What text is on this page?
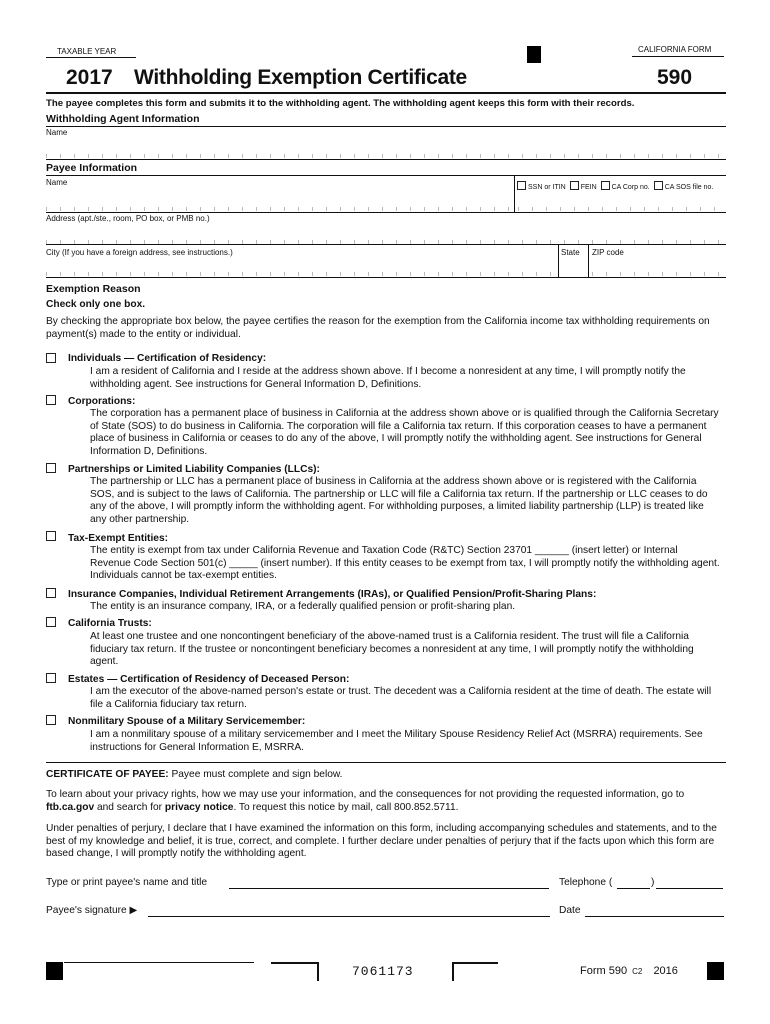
TAXABLE YEAR	CALIFORNIA FORM
2017 Withholding Exemption Certificate	590
The payee completes this form and submits it to the withholding agent. The withholding agent keeps this form with their records.
Withholding Agent Information
Name
Payee Information
Name
SSN or ITIN FEIN CA Corp no. CA SOS file no.
Address (apt./ste., room, PO box, or PMB no.)
City (If you have a foreign address, see instructions.)	State ZIP code
Exemption Reason
Check only one box.
By checking the appropriate box below, the payee certifies the reason for the exemption from the California income tax withholding requirements on payment(s) made to the entity or individual.
Individuals — Certification of Residency:
I am a resident of California and I reside at the address shown above. If I become a nonresident at any time, I will promptly notify the withholding agent. See instructions for General Information D, Definitions.
Corporations:
The corporation has a permanent place of business in California at the address shown above or is qualified through the California Secretary of State (SOS) to do business in California. The corporation will file a California tax return. If this corporation ceases to have a permanent place of business in California or ceases to do any of the above, I will promptly notify the withholding agent. See instructions for General Information D, Definitions.
Partnerships or Limited Liability Companies (LLCs):
The partnership or LLC has a permanent place of business in California at the address shown above or is registered with the California SOS, and is subject to the laws of California. The partnership or LLC will file a California tax return. If the partnership or LLC ceases to do any of the above, I will promptly inform the withholding agent. For withholding purposes, a limited liability partnership (LLP) is treated like any other partnership.
Tax-Exempt Entities:
The entity is exempt from tax under California Revenue and Taxation Code (R&TC) Section 23701 ______ (insert letter) or Internal Revenue Code Section 501(c) _____ (insert number). If this entity ceases to be exempt from tax, I will promptly notify the withholding agent. Individuals cannot be tax-exempt entities.
Insurance Companies, Individual Retirement Arrangements (IRAs), or Qualified Pension/Profit-Sharing Plans:
The entity is an insurance company, IRA, or a federally qualified pension or profit-sharing plan.
California Trusts:
At least one trustee and one noncontingent beneficiary of the above-named trust is a California resident. The trust will file a California fiduciary tax return. If the trustee or noncontingent beneficiary becomes a nonresident at any time, I will promptly notify the withholding agent.
Estates — Certification of Residency of Deceased Person:
I am the executor of the above-named person's estate or trust. The decedent was a California resident at the time of death. The estate will file a California fiduciary tax return.
Nonmilitary Spouse of a Military Servicemember:
I am a nonmilitary spouse of a military servicemember and I meet the Military Spouse Residency Relief Act (MSRRA) requirements. See instructions for General Information E, MSRRA.
CERTIFICATE OF PAYEE: Payee must complete and sign below.
To learn about your privacy rights, how we may use your information, and the consequences for not providing the requested information, go to ftb.ca.gov and search for privacy notice. To request this notice by mail, call 800.852.5711.
Under penalties of perjury, I declare that I have examined the information on this form, including accompanying schedules and statements, and to the best of my knowledge and belief, it is true, correct, and complete. I further declare under penalties of perjury that if the facts upon which this form are based change, I will promptly notify the withholding agent.
Type or print payee's name and title	Telephone (	)
Payee's signature ▶	Date
7061173	Form 590 C2 2016
